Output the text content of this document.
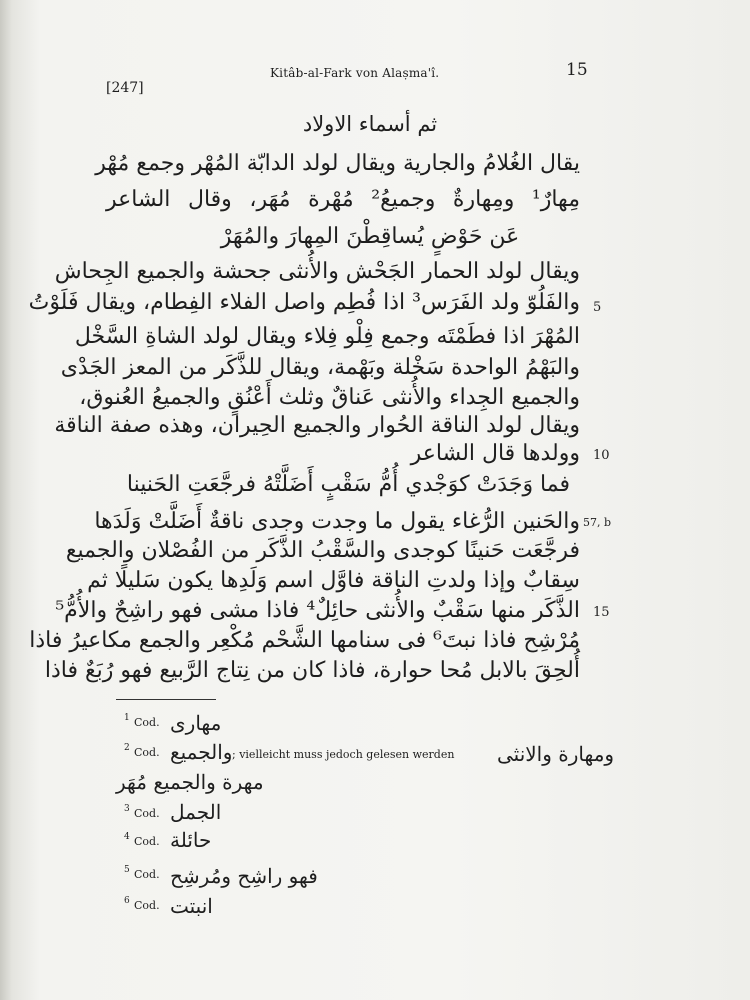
Kitâb-al-Fark von Alaṣma'î.	15
[247]
ثم أسماء الاولاد
يقال الغُلامُ والجارية ويقال لولد الدابّة المُهْر وجمع مُهْر
مِهارٌ¹ ومِهارةٌ وجميعُ² مُهْرة مُهَر، وقال الشاعر
عَن حَوْضٍ يُساقِطْنَ المِهارَ والمُهَرْ
ويقال لولد الحمار الجَحْش والأُنثى جحشة والجميع الجِحاش
والفَلُوّ ولد الفَرَس³ اذا فُطِم واصل الفلاء الفِطام، ويقال فَلَوْتُ
المُهْرَ اذا فطَمْتَه وجمع فِلْو فِلاء ويقال لولد الشاةِ السَّخْل
والبَهْمُ الواحدة سَخْلة وبَهْمة، ويقال للذَّكَر من المعز الجَدْى
والجميع الجِداء والأُنثى عَناقٌ وثلث أَعْنُقٍ والجميعُ العُنوق،
ويقال لولد الناقة الحُوار والجميع الحِيران، وهذه صفة الناقة
وولدها قال الشاعر
فما وَجَدَتْ كوَجْدي أُمُّ سَقْبٍ أَضَلَّتْهُ فرجَّعَتِ الحَنينا
والحَنين الرُّغاء يقول ما وجدت وجدى ناقةٌ أَضَلَّتْ وَلَدَها
فرجَّعَت حَنينًا كوجدى والسَّقْبُ الذَّكَر من الفُصْلان والجميع
سِقابٌ وإذا ولدتِ الناقة فاوَّل اسم وَلَدِها يكون سَليلًا ثم
الذَّكَر منها سَقْبٌ والأُنثى حائِلٌ⁴ فاذا مشى فهو راشِحٌ والأُمُّ⁵
مُرْشِح فاذا نبتَ⁶ فى سنامها الشَّحْم مُكْعِر والجمع مكاعيرُ فاذا
أُلحِقَ بالابل مُحا حوارة، فاذا كان من نِتاج الرَّبيع فهو رُبَعٌ فاذا
5
10
57, b
15
1 Cod. مهارى
2 Cod. والجميع ; vielleicht muss jedoch gelesen werden ومهارة والانثى
مهرة والجميع مُهَر
3 Cod. الجمل
4 Cod. حائلة
5 Cod. فهو راشِح ومُرشِح
6 Cod. انبتت
